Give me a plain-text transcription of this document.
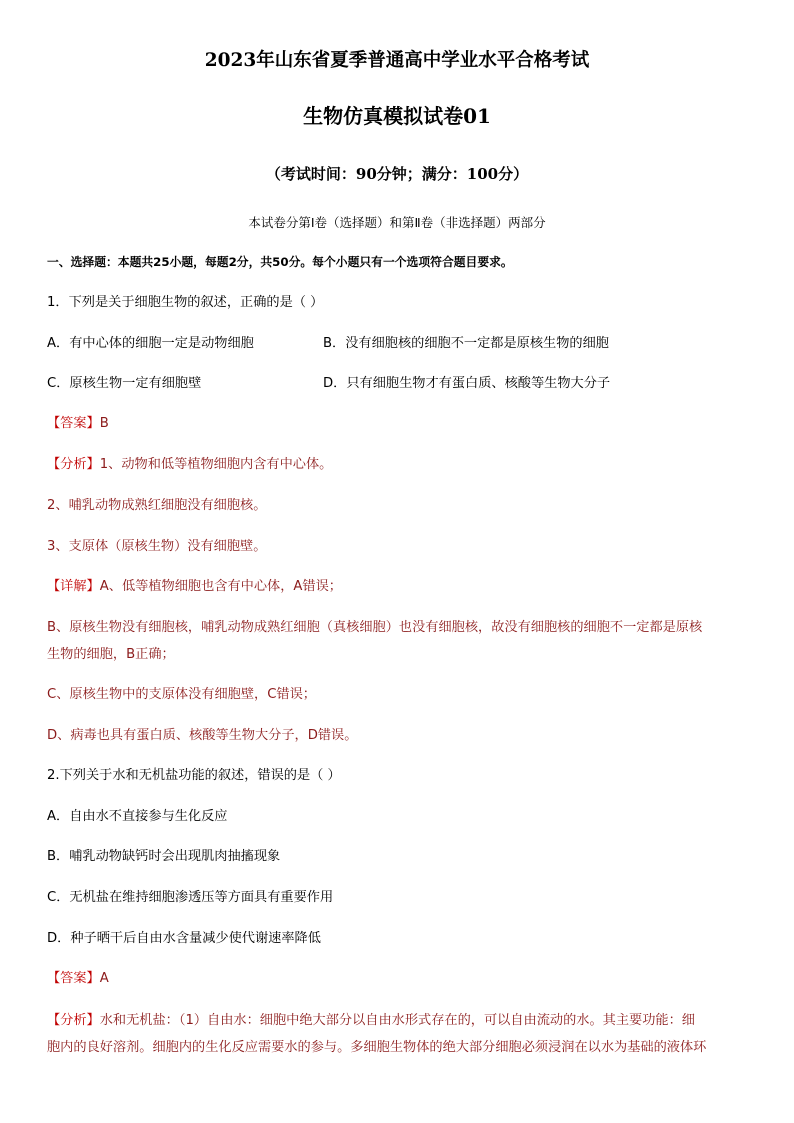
2023年山东省夏季普通高中学业水平合格考试
生物仿真模拟试卷01
（考试时间：90分钟；满分：100分）
本试卷分第Ⅰ卷（选择题）和第Ⅱ卷（非选择题）两部分
一、选择题：本题共25小题，每题2分，共50分。每个小题只有一个选项符合题目要求。
1．下列是关于细胞生物的叙述，正确的是（ ）
A．有中心体的细胞一定是动物细胞	B．没有细胞核的细胞不一定都是原核生物的细胞
C．原核生物一定有细胞壁	D．只有细胞生物才有蛋白质、核酸等生物大分子
【答案】B
【分析】1、动物和低等植物细胞内含有中心体。
2、哺乳动物成熟红细胞没有细胞核。
3、支原体（原核生物）没有细胞壁。
【详解】A、低等植物细胞也含有中心体，A错误；
B、原核生物没有细胞核，哺乳动物成熟红细胞（真核细胞）也没有细胞核，故没有细胞核的细胞不一定都是原核
生物的细胞，B正确；
C、原核生物中的支原体没有细胞壁，C错误；
D、病毒也具有蛋白质、核酸等生物大分子，D错误。
2.下列关于水和无机盐功能的叙述，错误的是（ ）
A．自由水不直接参与生化反应
B．哺乳动物缺钙时会出现肌肉抽搐现象
C．无机盐在维持细胞渗透压等方面具有重要作用
D．种子晒干后自由水含量减少使代谢速率降低
【答案】A
【分析】水和无机盐：（1）自由水：细胞中绝大部分以自由水形式存在的，可以自由流动的水。其主要功能：细
胞内的良好溶剂。细胞内的生化反应需要水的参与。多细胞生物体的绝大部分细胞必须浸润在以水为基础的液体环
